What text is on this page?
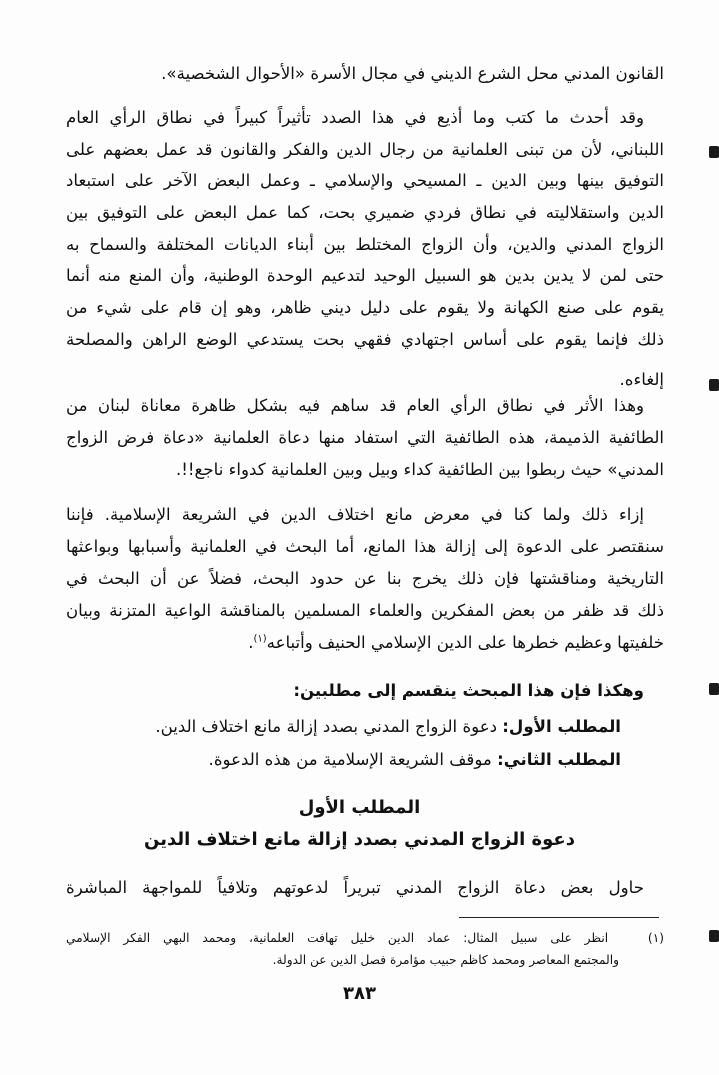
القانون المدني محل الشرع الديني في مجال الأسرة «الأحوال الشخصية».
وقد أحدث ما كتب وما أذيع في هذا الصدد تأثيراً كبيراً في نطاق الرأي العام
اللبناني، لأن من تبنى العلمانية من رجال الدين والفكر والقانون قد عمل بعضهم على
التوفيق بينها وبين الدين ـ المسيحي والإسلامي ـ وعمل البعض الآخر على استبعاد
الدين واستقلاليته في نطاق فردي ضميري بحت، كما عمل البعض على التوفيق بين
الزواج المدني والدين، وأن الزواج المختلط بين أبناء الديانات المختلفة والسماح به
حتى لمن لا يدين بدين هو السبيل الوحيد لتدعيم الوحدة الوطنية، وأن المنع منه أنما
يقوم على صنع الكهانة ولا يقوم على دليل ديني ظاهر، وهو إن قام على شيء من
ذلك فإنما يقوم على أساس اجتهادي فقهي بحت يستدعي الوضع الراهن والمصلحة
إلغاءه.
وهذا الأثر في نطاق الرأي العام قد ساهم فيه بشكل ظاهرة معاناة لبنان من
الطائفية الذميمة، هذه الطائفية التي استفاد منها دعاة العلمانية «دعاة فرض الزواج
المدني» حيث ربطوا بين الطائفية كداء وبيل وبين العلمانية كدواء ناجع!!.
إزاء ذلك ولما كنا في معرض مانع اختلاف الدين في الشريعة الإسلامية. فإننا
سنقتصر على الدعوة إلى إزالة هذا المانع، أما البحث في العلمانية وأسبابها وبواعثها
التاريخية ومناقشتها فإن ذلك يخرج بنا عن حدود البحث، فضلاً عن أن البحث في
ذلك قد ظفر من بعض المفكرين والعلماء المسلمين بالمناقشة الواعية المتزنة وبيان
خلفيتها وعظيم خطرها على الدين الإسلامي الحنيف وأتباعه$^{(١)}$.
وهكذا فإن هذا المبحث ينقسم إلى مطلبين:
المطلب الأول: دعوة الزواج المدني بصدد إزالة مانع اختلاف الدين.
المطلب الثاني: موقف الشريعة الإسلامية من هذه الدعوة.
المطلب الأول
دعوة الزواج المدني بصدد إزالة مانع اختلاف الدين
حاول بعض دعاة الزواج المدني تبريراً لدعوتهم وتلافياً للمواجهة المباشرة
(١)  انظر على سبيل المثال: عماد الدين خليل تهافت العلمانية، ومحمد البهي الفكر الإسلامي
والمجتمع المعاصر ومحمد كاظم حبيب مؤامرة فصل الدين عن الدولة.
٣٨٣
